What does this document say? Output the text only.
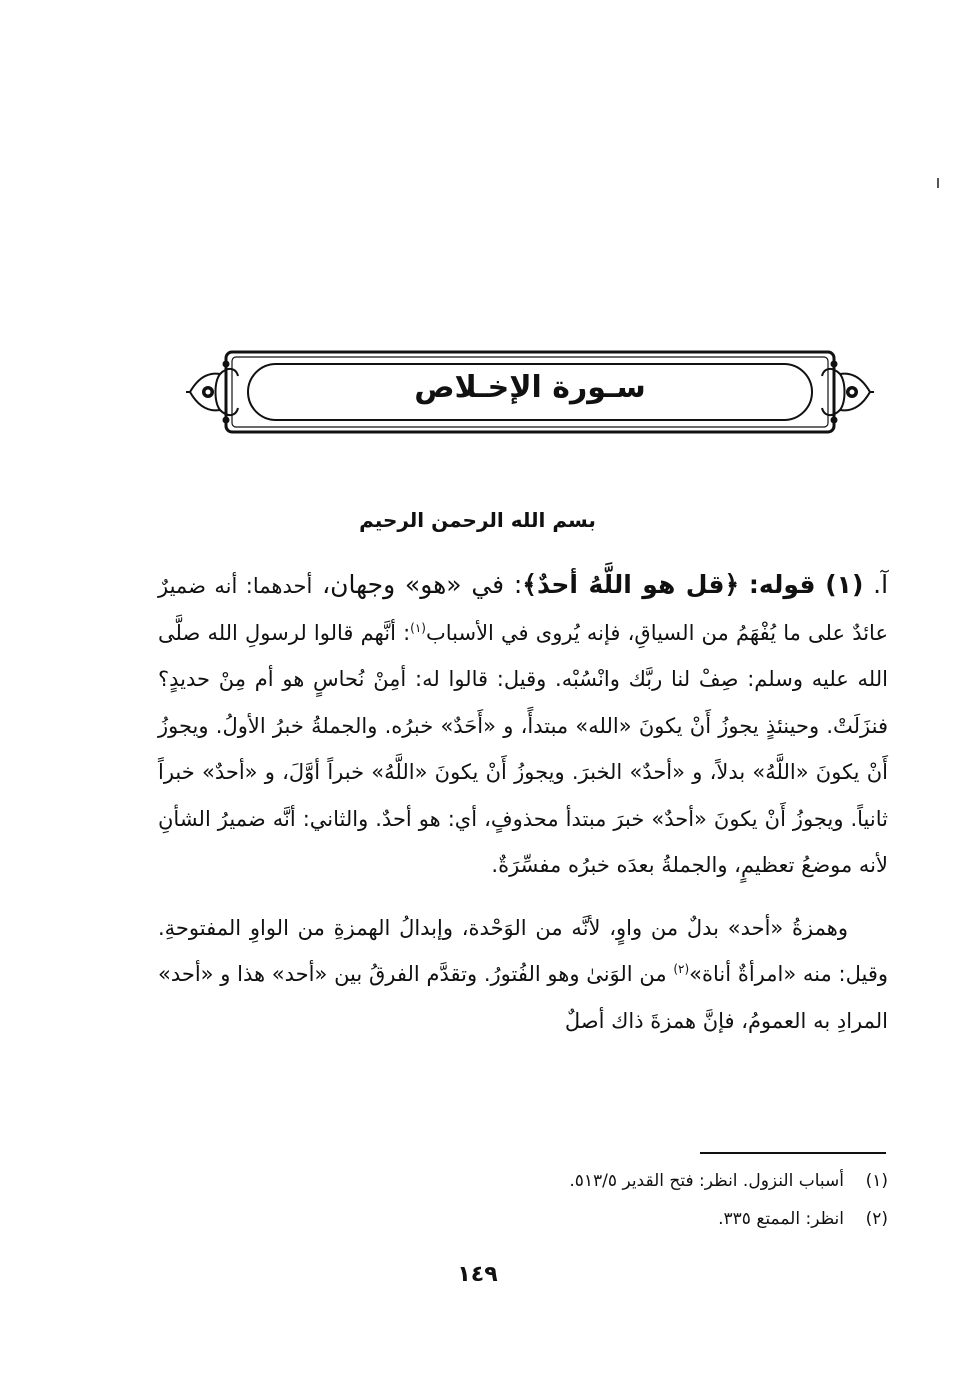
سـورة الإخـلاص
بسم الله الرحمن الرحيم

آ. (١) قوله: ﴿قل هو اللَّهُ أحدٌ﴾: في «هو» وجهان، أحدهما: أنه ضميرٌ عائدٌ على ما يُفْهَمُ من السياقِ، فإنه يُروى في الأسباب$^{(١)}$: أنَّهم قالوا لرسولِ الله صلَّى الله عليه وسلم: صِفْ لنا ربَّك وانْسُبْه. وقيل: قالوا له: أمِنْ نُحاسٍ هو أم مِنْ حديدٍ؟ فنزَلَتْ. وحينئذٍ يجوزُ أَنْ يكونَ «الله» مبتدأً، و «أَحَدٌ» خبرُه. والجملةُ خبرُ الأولُ. ويجوزُ أَنْ يكونَ «اللَّهُ» بدلاً، و «أحدٌ» الخبرَ. ويجوزُ أَنْ يكونَ «اللَّهُ» خبراً أوَّلَ، و «أحدٌ» خبراً ثانياً. ويجوزُ أَنْ يكونَ «أحدٌ» خبرَ مبتدأ محذوفٍ، أي: هو أحدٌ. والثاني: أنَّه ضميرُ الشأنِ لأنه موضعُ تعظيمٍ، والجملةُ بعدَه خبرُه مفسِّرَةٌ.

وهمزةُ «أحد» بدلٌ من واوٍ، لأنَّه من الوَحْدة، وإبدالُ الهمزةِ من الواوِ المفتوحةِ. وقيل: منه «امرأةٌ أناة»$^{(٢)}$ من الوَنىٰ وهو الفُتورُ. وتقدَّم الفرقُ بين «أحد» هذا و «أحد» المرادِ به العمومُ، فإنَّ همزةَ ذاك أصلٌ

(١)أسباب النزول. انظر: فتح القدير ٥١٣/٥.
(٢)انظر: الممتع ٣٣٥.
١٤٩
